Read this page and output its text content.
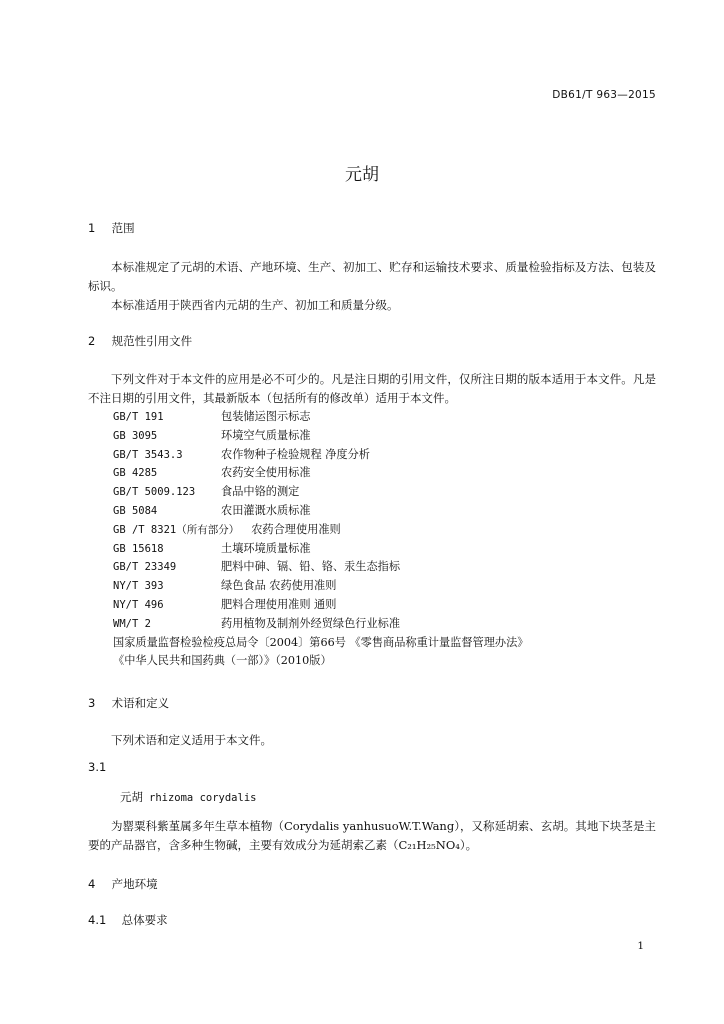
DB61/T 963—2015
元胡
1 范围
本标准规定了元胡的术语、产地环境、生产、初加工、贮存和运输技术要求、质量检验指标及方法、包装及标识。
本标准适用于陕西省内元胡的生产、初加工和质量分级。
2 规范性引用文件
下列文件对于本文件的应用是必不可少的。凡是注日期的引用文件，仅所注日期的版本适用于本文件。凡是不注日期的引用文件，其最新版本（包括所有的修改单）适用于本文件。
GB/T 191	包装储运图示标志
GB 3095	环境空气质量标准
GB/T 3543.3	农作物种子检验规程 净度分析
GB 4285	农药安全使用标准
GB/T 5009.123 食品中铬的测定
GB 5084	农田灌溉水质标准
GB /T 8321（所有部分） 农药合理使用准则
GB 15618	土壤环境质量标准
GB/T 23349	肥料中砷、镉、铅、铬、汞生态指标
NY/T 393	绿色食品 农药使用准则
NY/T 496	肥料合理使用准则 通则
WM/T 2	药用植物及制剂外经贸绿色行业标准
国家质量监督检验检疫总局令〔2004〕第66号 《零售商品称重计量监督管理办法》
《中华人民共和国药典（一部）》（2010版）
3 术语和定义
下列术语和定义适用于本文件。
3.1
元胡 rhizoma corydalis
为罂粟科紫堇属多年生草本植物（Corydalis yanhusuoW.T.Wang），又称延胡索、玄胡。其地下块茎是主要的产品器官，含多种生物碱，主要有效成分为延胡索乙素（C₂₁H₂₅NO₄）。
4 产地环境
4.1 总体要求
1
